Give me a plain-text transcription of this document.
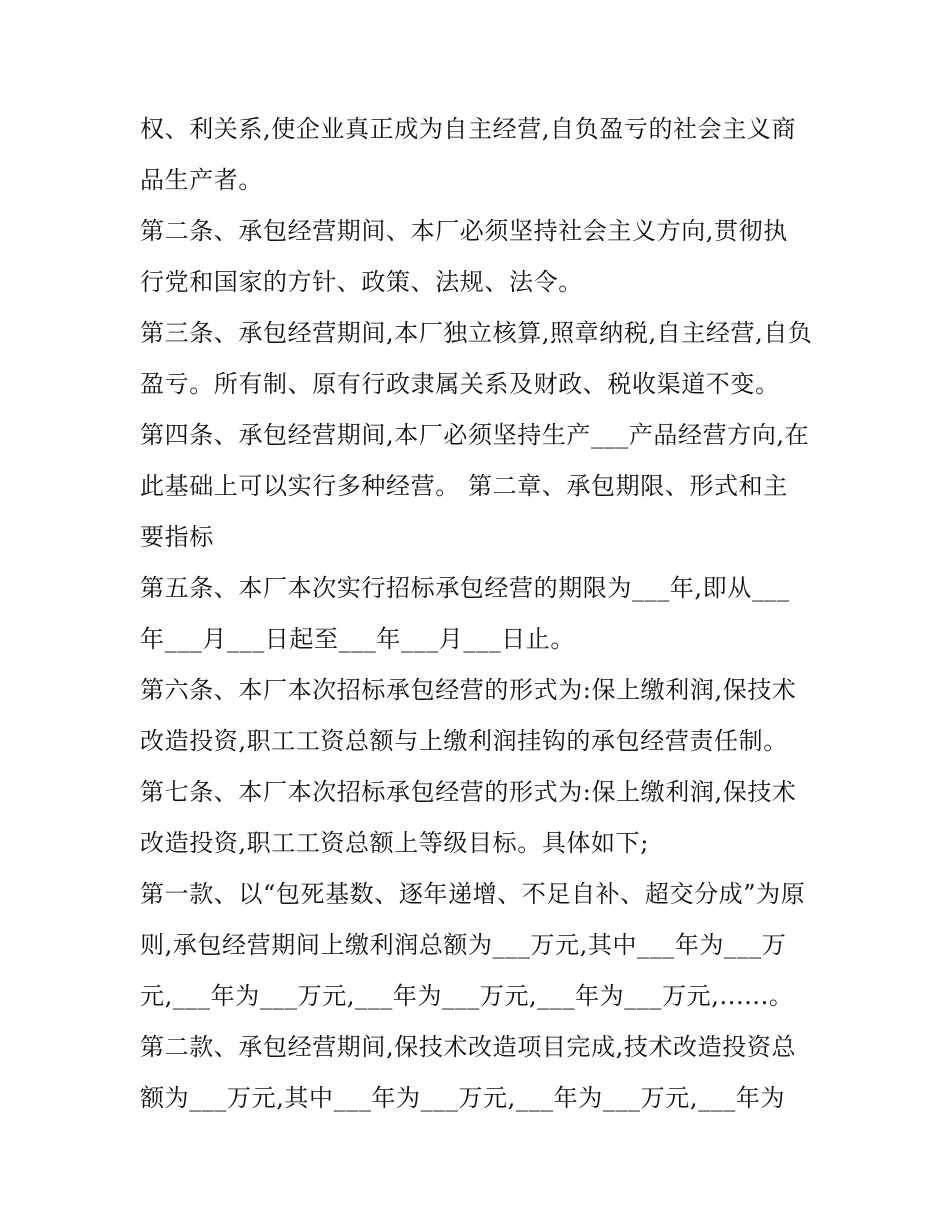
权、利关系,使企业真正成为自主经营,自负盈亏的社会主义商
品生产者。
第二条、承包经营期间、本厂必须坚持社会主义方向,贯彻执
行党和国家的方针、政策、法规、法令。
第三条、承包经营期间,本厂独立核算,照章纳税,自主经营,自负
盈亏。所有制、原有行政隶属关系及财政、税收渠道不变。
第四条、承包经营期间,本厂必须坚持生产___产品经营方向,在
此基础上可以实行多种经营。 第二章、承包期限、形式和主
要指标
第五条、本厂本次实行招标承包经营的期限为___年,即从___
年___月___日起至___年___月___日止。
第六条、本厂本次招标承包经营的形式为:保上缴利润,保技术
改造投资,职工工资总额与上缴利润挂钩的承包经营责任制。
第七条、本厂本次招标承包经营的形式为:保上缴利润,保技术
改造投资,职工工资总额上等级目标。具体如下;
第一款、以“包死基数、逐年递增、不足自补、超交分成”为原
则,承包经营期间上缴利润总额为___万元,其中___年为___万
元,___年为___万元,___年为___万元,___年为___万元,......。
第二款、承包经营期间,保技术改造项目完成,技术改造投资总
额为___万元,其中___年为___万元,___年为___万元,___年为
